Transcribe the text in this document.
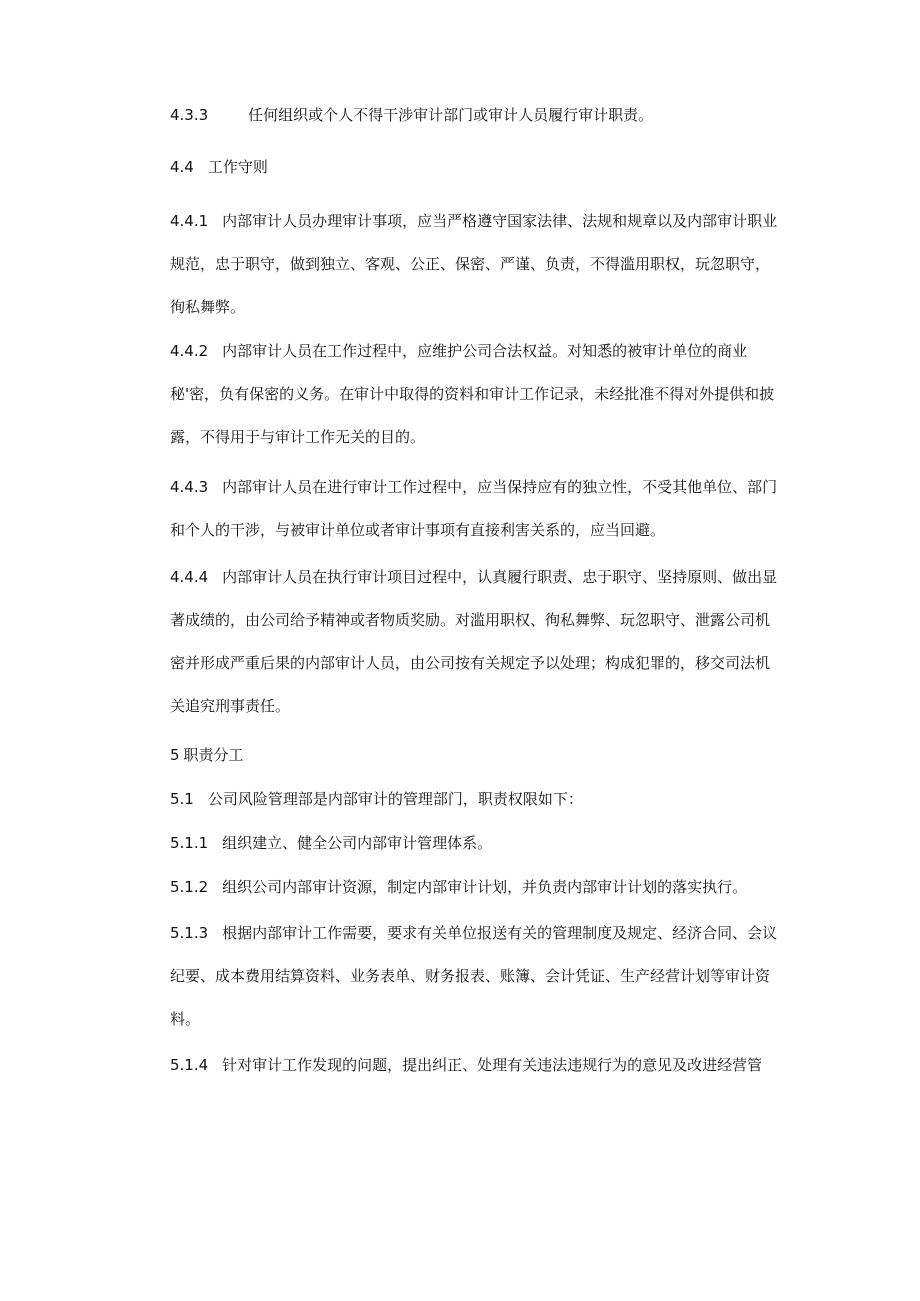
4.3.3	任何组织或个人不得干涉审计部门或审计人员履行审计职责。

4.4 工作守则

4.4.1 内部审计人员办理审计事项，应当严格遵守国家法律、法规和规章以及内部审计职业规范，忠于职守，做到独立、客观、公正、保密、严谨、负责，不得滥用职权，玩忽职守，徇私舞弊。

4.4.2 内部审计人员在工作过程中，应维护公司合法权益。对知悉的被审计单位的商业秘'密，负有保密的义务。在审计中取得的资料和审计工作记录，未经批准不得对外提供和披露，不得用于与审计工作无关的目的。

4.4.3 内部审计人员在进行审计工作过程中，应当保持应有的独立性，不受其他单位、部门和个人的干涉，与被审计单位或者审计事项有直接利害关系的，应当回避。

4.4.4 内部审计人员在执行审计项目过程中，认真履行职责、忠于职守、坚持原则、做出显著成绩的，由公司给予精神或者物质奖励。对滥用职权、徇私舞弊、玩忽职守、泄露公司机密并形成严重后果的内部审计人员，由公司按有关规定予以处理；构成犯罪的，移交司法机关追究刑事责任。

5 职责分工

5.1 公司风险管理部是内部审计的管理部门，职责权限如下：

5.1.1 组织建立、健全公司内部审计管理体系。

5.1.2 组织公司内部审计资源，制定内部审计计划，并负责内部审计计划的落实执行。

5.1.3 根据内部审计工作需要，要求有关单位报送有关的管理制度及规定、经济合同、会议纪要、成本费用结算资料、业务表单、财务报表、账簿、会计凭证、生产经营计划等审计资料。

5.1.4 针对审计工作发现的问题，提出纠正、处理有关违法违规行为的意见及改进经营管
